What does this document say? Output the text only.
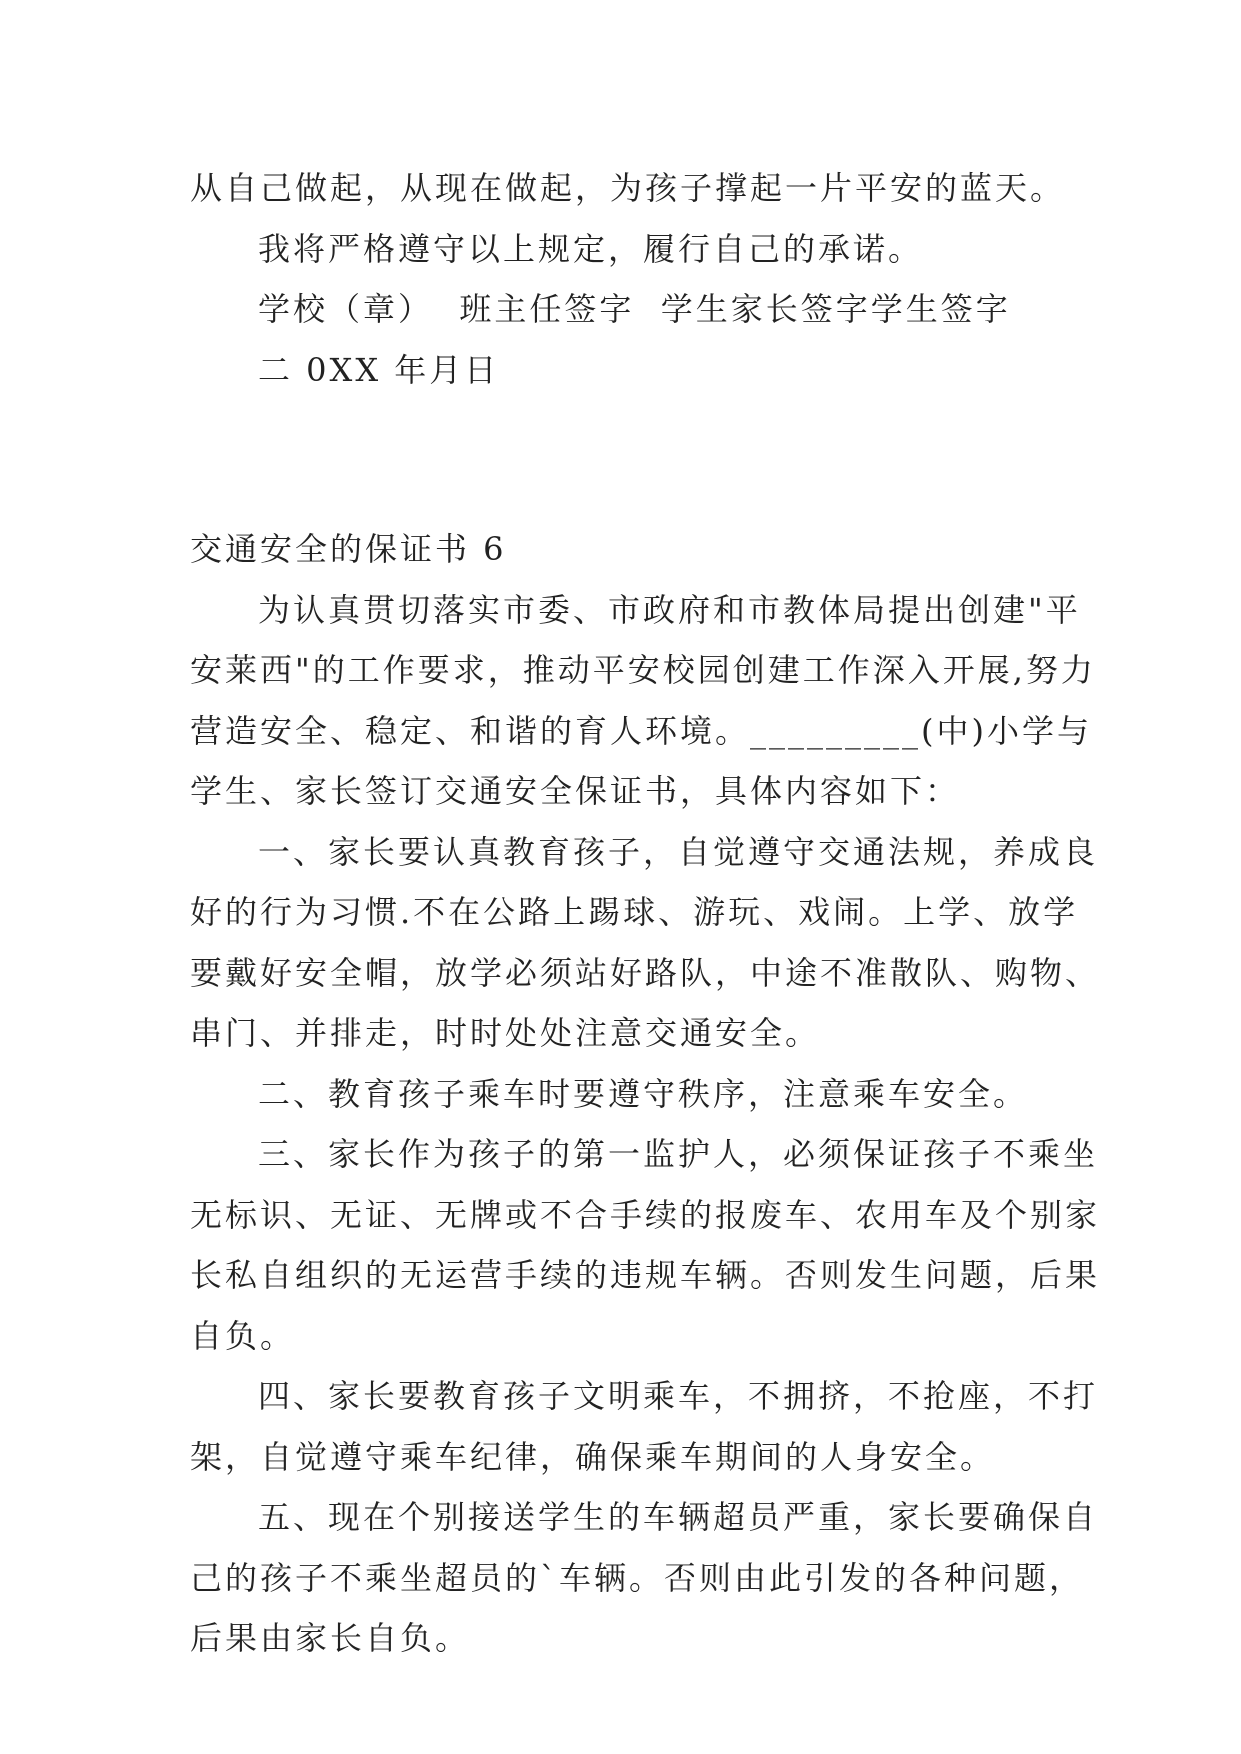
从自己做起，从现在做起，为孩子撑起一片平安的蓝天。
我将严格遵守以上规定，履行自己的承诺。
学校（章）  班主任签字  学生家长签字学生签字
二 0XX 年月日
交通安全的保证书 6
为认真贯切落实市委、市政府和市教体局提出创建"平
安莱西"的工作要求，推动平安校园创建工作深入开展,努力
营造安全、稳定、和谐的育人环境。_________(中)小学与
学生、家长签订交通安全保证书，具体内容如下：
一、家长要认真教育孩子，自觉遵守交通法规，养成良
好的行为习惯.不在公路上踢球、游玩、戏闹。上学、放学
要戴好安全帽，放学必须站好路队，中途不准散队、购物、
串门、并排走，时时处处注意交通安全。
二、教育孩子乘车时要遵守秩序，注意乘车安全。
三、家长作为孩子的第一监护人，必须保证孩子不乘坐
无标识、无证、无牌或不合手续的报废车、农用车及个别家
长私自组织的无运营手续的违规车辆。否则发生问题，后果
自负。
四、家长要教育孩子文明乘车，不拥挤，不抢座，不打
架，自觉遵守乘车纪律，确保乘车期间的人身安全。
五、现在个别接送学生的车辆超员严重，家长要确保自
己的孩子不乘坐超员的`车辆。否则由此引发的各种问题，
后果由家长自负。
